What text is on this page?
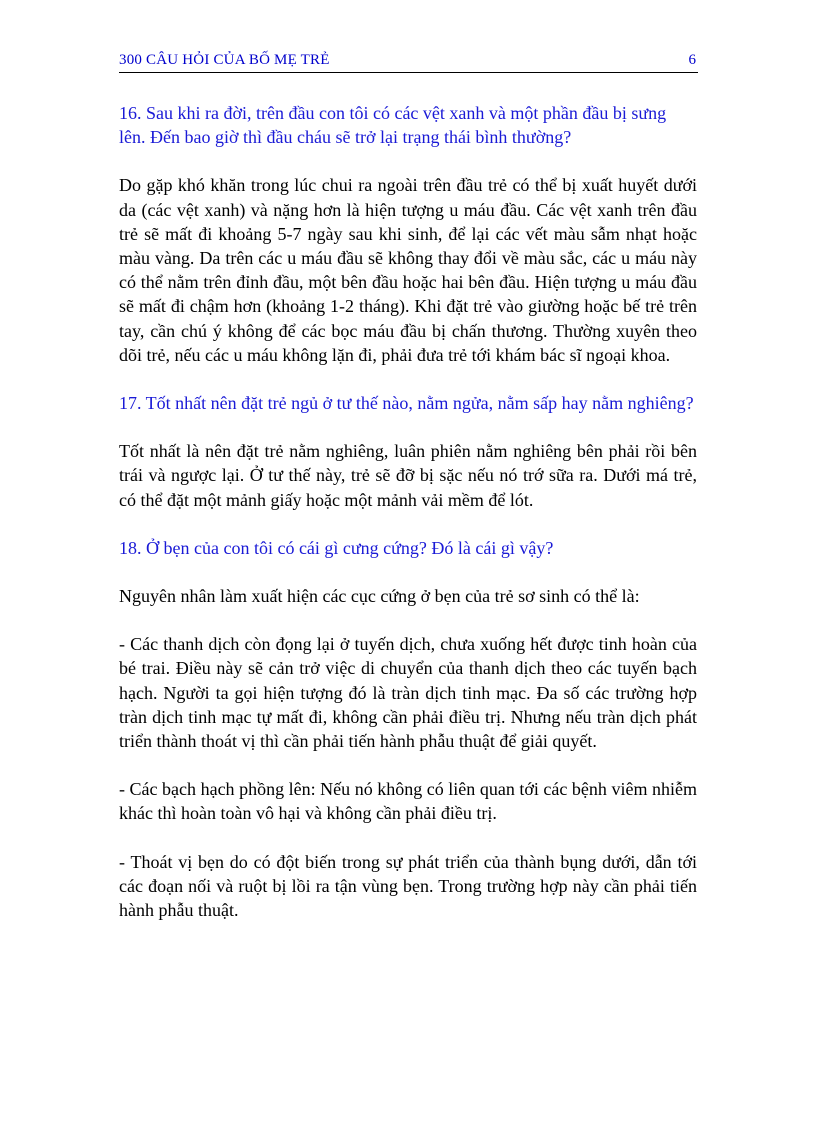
300 CÂU HỎI CỦA BỐ MẸ TRẺ	6

16. Sau khi ra đời, trên đầu con tôi có các vệt xanh và một phần đầu bị sưng lên. Đến bao giờ thì đầu cháu sẽ trở lại trạng thái bình thường?

Do gặp khó khăn trong lúc chui ra ngoài trên đầu trẻ có thể bị xuất huyết dưới da (các vệt xanh) và nặng hơn là hiện tượng u máu đầu. Các vệt xanh trên đầu trẻ sẽ mất đi khoảng 5-7 ngày sau khi sinh, để lại các vết màu sẫm nhạt hoặc màu vàng. Da trên các u máu đầu sẽ không thay đổi về màu sắc, các u máu này có thể nằm trên đỉnh đầu, một bên đầu hoặc hai bên đầu. Hiện tượng u máu đầu sẽ mất đi chậm hơn (khoảng 1-2 tháng). Khi đặt trẻ vào giường hoặc bế trẻ trên tay, cần chú ý không để các bọc máu đầu bị chấn thương. Thường xuyên theo dõi trẻ, nếu các u máu không lặn đi, phải đưa trẻ tới khám bác sĩ ngoại khoa.

17. Tốt nhất nên đặt trẻ ngủ ở tư thế nào, nằm ngửa, nằm sấp hay nằm nghiêng?

Tốt nhất là nên đặt trẻ nằm nghiêng, luân phiên nằm nghiêng bên phải rồi bên trái và ngược lại. Ở tư thế này, trẻ sẽ đỡ bị sặc nếu nó trớ sữa ra. Dưới má trẻ, có thể đặt một mảnh giấy hoặc một mảnh vải mềm để lót.

18. Ở bẹn của con tôi có cái gì cưng cứng? Đó là cái gì vậy?

Nguyên nhân làm xuất hiện các cục cứng ở bẹn của trẻ sơ sinh có thể là:

- Các thanh dịch còn đọng lại ở tuyến dịch, chưa xuống hết được tinh hoàn của bé trai. Điều này sẽ cản trở việc di chuyển của thanh dịch theo các tuyến bạch hạch. Người ta gọi hiện tượng đó là tràn dịch tinh mạc. Đa số các trường hợp tràn dịch tinh mạc tự mất đi, không cần phải điều trị. Nhưng nếu tràn dịch phát triển thành thoát vị thì cần phải tiến hành phẫu thuật để giải quyết.

- Các bạch hạch phồng lên: Nếu nó không có liên quan tới các bệnh viêm nhiễm khác thì hoàn toàn vô hại và không cần phải điều trị.

- Thoát vị bẹn do có đột biến trong sự phát triển của thành bụng dưới, dẫn tới các đoạn nối và ruột bị lồi ra tận vùng bẹn. Trong trường hợp này cần phải tiến hành phẫu thuật.
